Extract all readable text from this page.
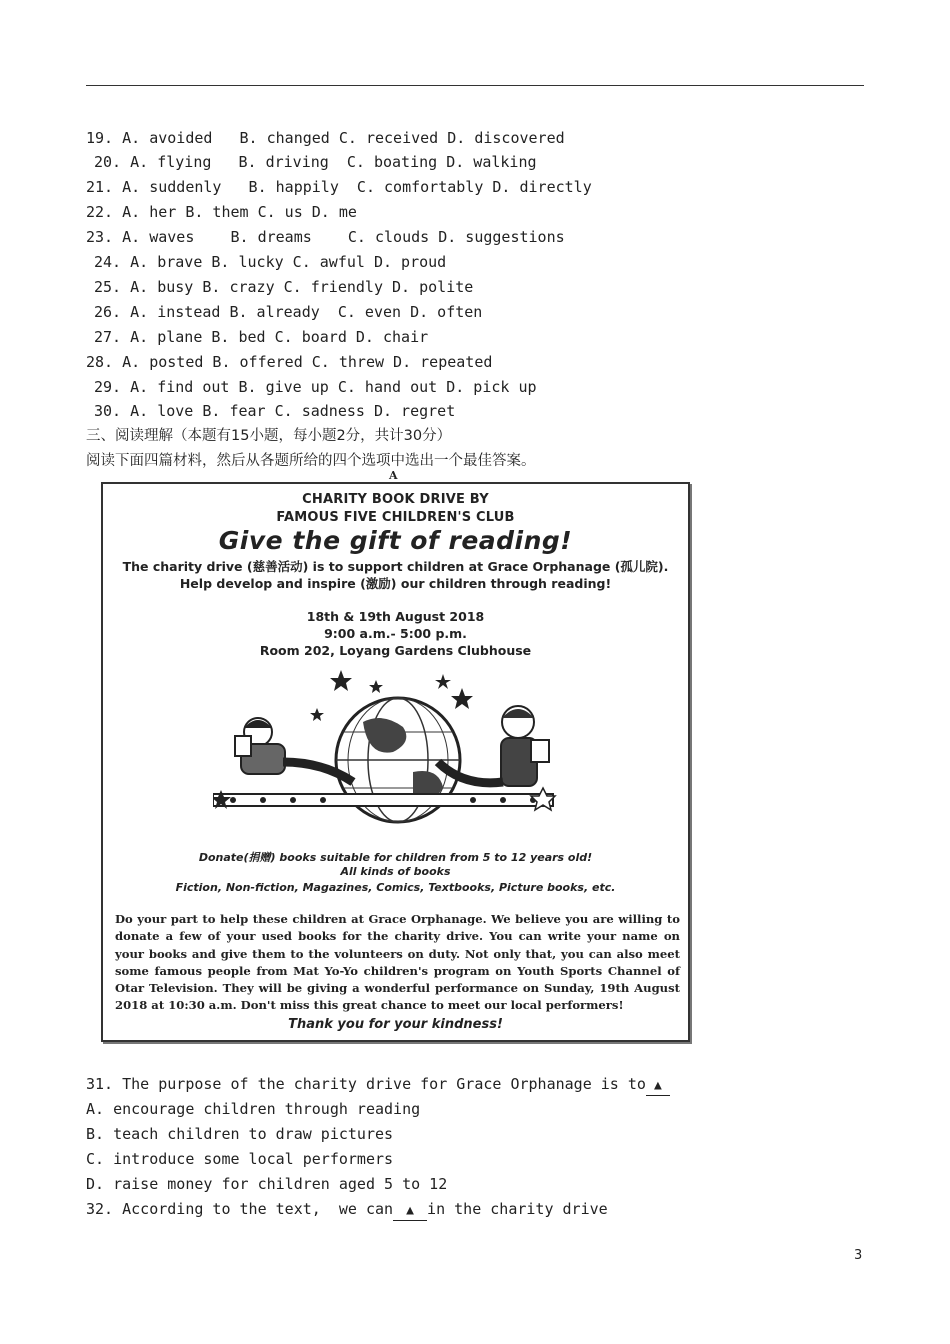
19. A. avoided   B. changed C. received D. discovered
20. A. flying   B. driving  C. boating D. walking
21. A. suddenly   B. happily  C. comfortably D. directly
22. A. her B. them C. us D. me
23. A. waves    B. dreams    C. clouds D. suggestions
24. A. brave B. lucky C. awful D. proud
25. A. busy B. crazy C. friendly D. polite
26. A. instead B. already  C. even D. often
27. A. plane B. bed C. board D. chair
28. A. posted B. offered C. threw D. repeated
29. A. find out B. give up C. hand out D. pick up
30. A. love B. fear C. sadness D. regret
三、阅读理解（本题有15小题，每小题2分，共计30分）
阅读下面四篇材料，然后从各题所给的四个选项中选出一个最佳答案。
A
CHARITY BOOK DRIVE BY
FAMOUS FIVE CHILDREN'S CLUB
Give the gift of reading!
The charity drive (慈善活动) is to support children at Grace Orphanage (孤儿院).
Help develop and inspire (激励) our children through reading!
18th & 19th August 2018
9:00 a.m.- 5:00 p.m.
Room 202, Loyang Gardens Clubhouse
Donate(捐赠) books suitable for children from 5 to 12 years old!
All kinds of books
Fiction, Non-fiction, Magazines, Comics, Textbooks, Picture books, etc.
Do your part to help these children at Grace Orphanage. We believe you are willing to donate a few of your used books for the charity drive. You can write your name on your books and give them to the volunteers on duty. Not only that, you can also meet some famous people from Mat Yo-Yo children's program on Youth Sports Channel of Otar Television. They will be giving a wonderful performance on Sunday, 19th August 2018 at 10:30 a.m. Don't miss this great chance to meet our local performers!
Thank you for your kindness!
31. The purpose of the charity drive for Grace Orphanage is to ▲
A. encourage children through reading
B. teach children to draw pictures
C. introduce some local performers
D. raise money for children aged 5 to 12
32. According to the text,  we can ▲ in the charity drive
3
